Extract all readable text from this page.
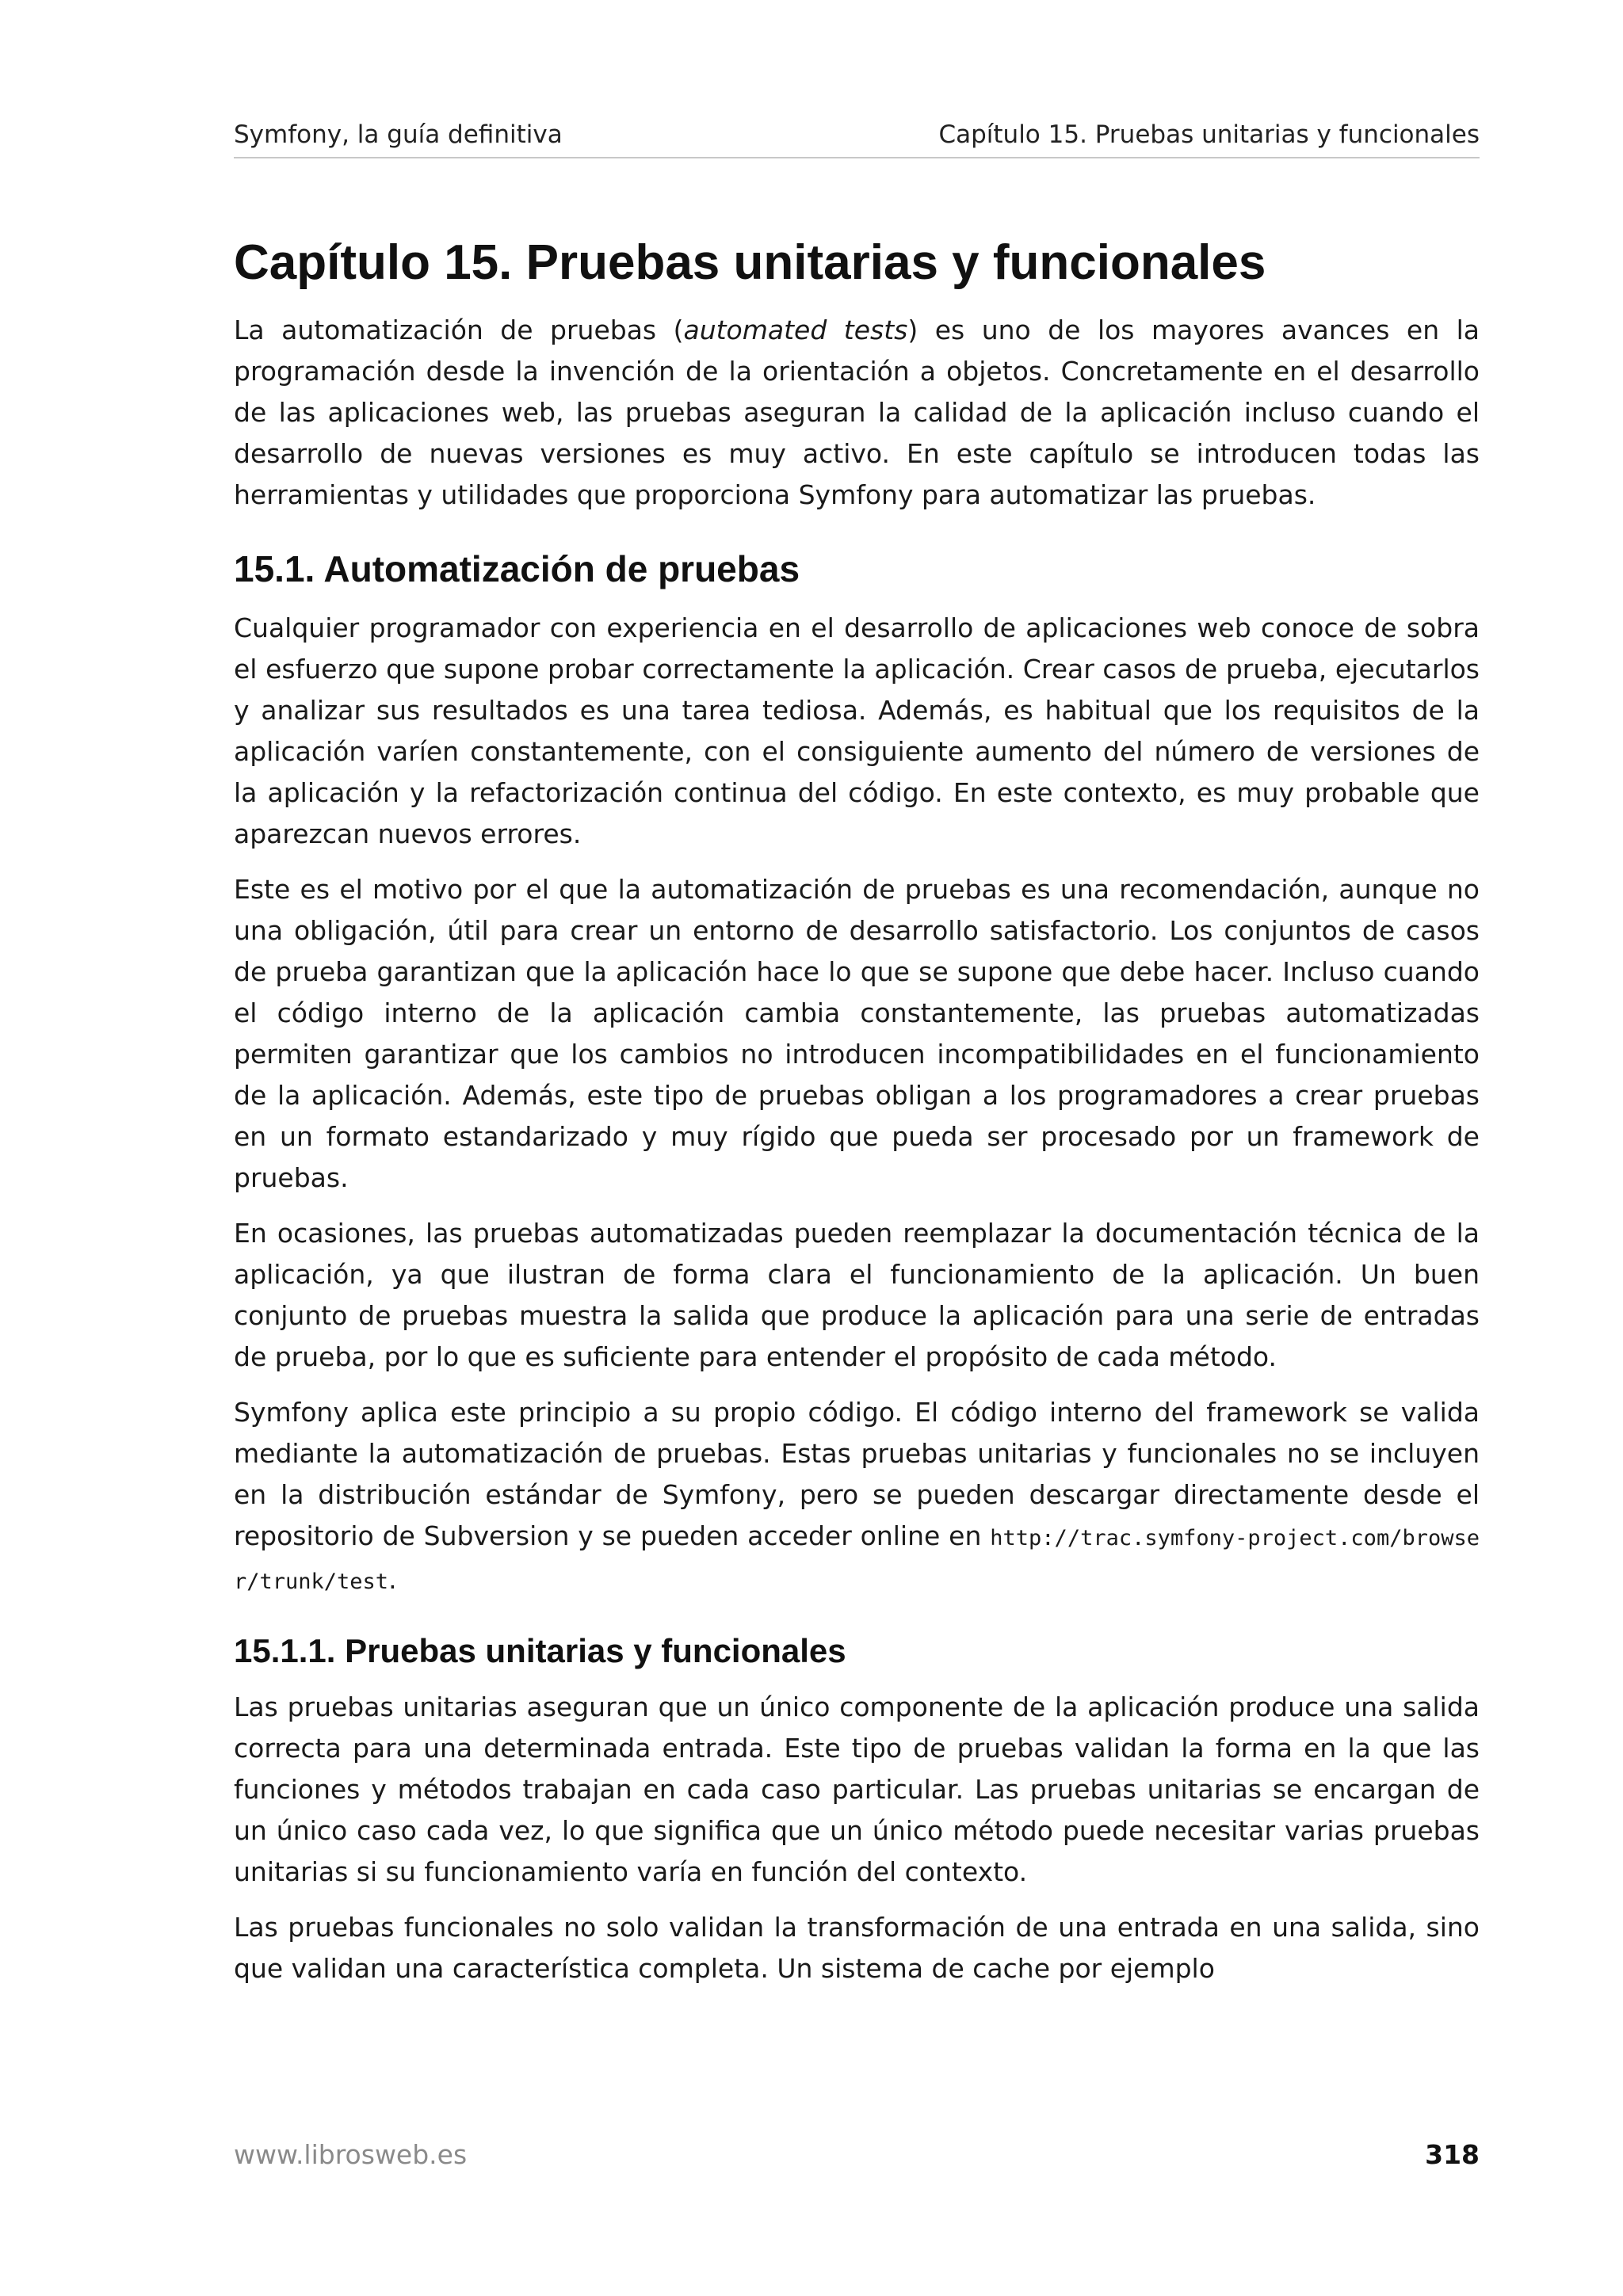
Symfony, la guía definitiva	Capítulo 15. Pruebas unitarias y funcionales
Capítulo 15. Pruebas unitarias y funcionales

La automatización de pruebas (automated tests) es uno de los mayores avances en la programación desde la invención de la orientación a objetos. Concretamente en el desarrollo de las aplicaciones web, las pruebas aseguran la calidad de la aplicación incluso cuando el desarrollo de nuevas versiones es muy activo. En este capítulo se introducen todas las herramientas y utilidades que proporciona Symfony para automatizar las pruebas.

15.1. Automatización de pruebas

Cualquier programador con experiencia en el desarrollo de aplicaciones web conoce de sobra el esfuerzo que supone probar correctamente la aplicación. Crear casos de prueba, ejecutarlos y analizar sus resultados es una tarea tediosa. Además, es habitual que los requisitos de la aplicación varíen constantemente, con el consiguiente aumento del número de versiones de la aplicación y la refactorización continua del código. En este contexto, es muy probable que aparezcan nuevos errores.

Este es el motivo por el que la automatización de pruebas es una recomendación, aunque no una obligación, útil para crear un entorno de desarrollo satisfactorio. Los conjuntos de casos de prueba garantizan que la aplicación hace lo que se supone que debe hacer. Incluso cuando el código interno de la aplicación cambia constantemente, las pruebas automatizadas permiten garantizar que los cambios no introducen incompatibilidades en el funcionamiento de la aplicación. Además, este tipo de pruebas obligan a los programadores a crear pruebas en un formato estandarizado y muy rígido que pueda ser procesado por un framework de pruebas.

En ocasiones, las pruebas automatizadas pueden reemplazar la documentación técnica de la aplicación, ya que ilustran de forma clara el funcionamiento de la aplicación. Un buen conjunto de pruebas muestra la salida que produce la aplicación para una serie de entradas de prueba, por lo que es suficiente para entender el propósito de cada método.

Symfony aplica este principio a su propio código. El código interno del framework se valida mediante la automatización de pruebas. Estas pruebas unitarias y funcionales no se incluyen en la distribución estándar de Symfony, pero se pueden descargar directamente desde el repositorio de Subversion y se pueden acceder online en http://trac.symfony-project.com/browser/trunk/test.

15.1.1. Pruebas unitarias y funcionales

Las pruebas unitarias aseguran que un único componente de la aplicación produce una salida correcta para una determinada entrada. Este tipo de pruebas validan la forma en la que las funciones y métodos trabajan en cada caso particular. Las pruebas unitarias se encargan de un único caso cada vez, lo que significa que un único método puede necesitar varias pruebas unitarias si su funcionamiento varía en función del contexto.

Las pruebas funcionales no solo validan la transformación de una entrada en una salida, sino que validan una característica completa. Un sistema de cache por ejemplo

www.librosweb.es	318
